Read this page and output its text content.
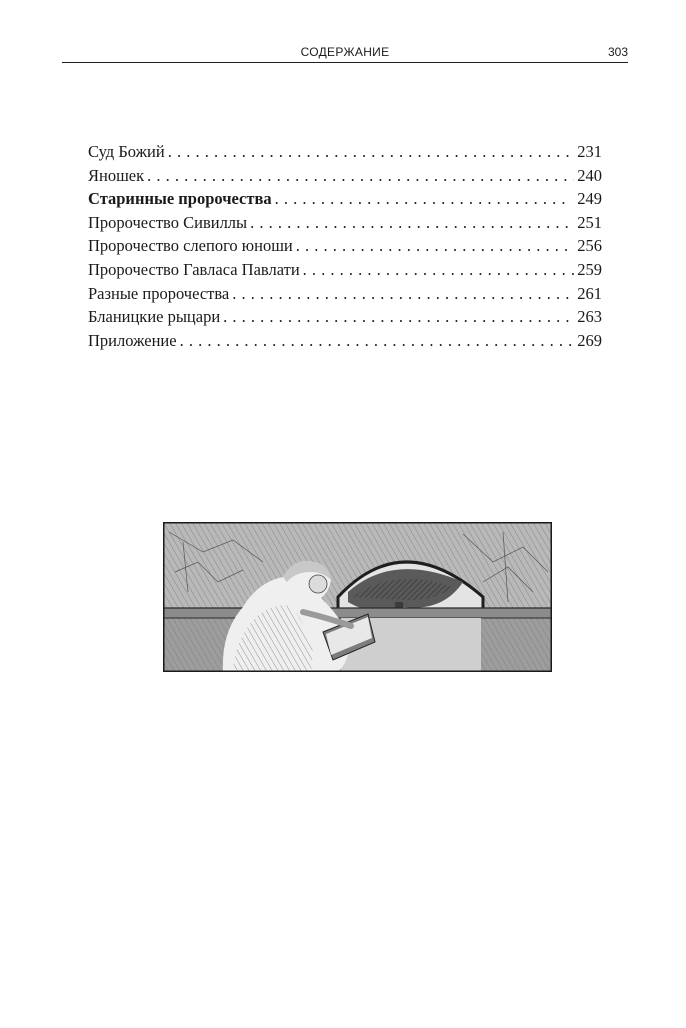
СОДЕРЖАНИЕ	303
Суд Божий . . .	231
Яношек . . .	240
Старинные пророчества . . .	249
Пророчество Сивиллы . . .	251
Пророчество слепого юноши . . .	256
Пророчество Гавласа Павлати . . .	259
Разные пророчества . . .	261
Бланицкие рыцари . . .	263
Приложение . . .	269
